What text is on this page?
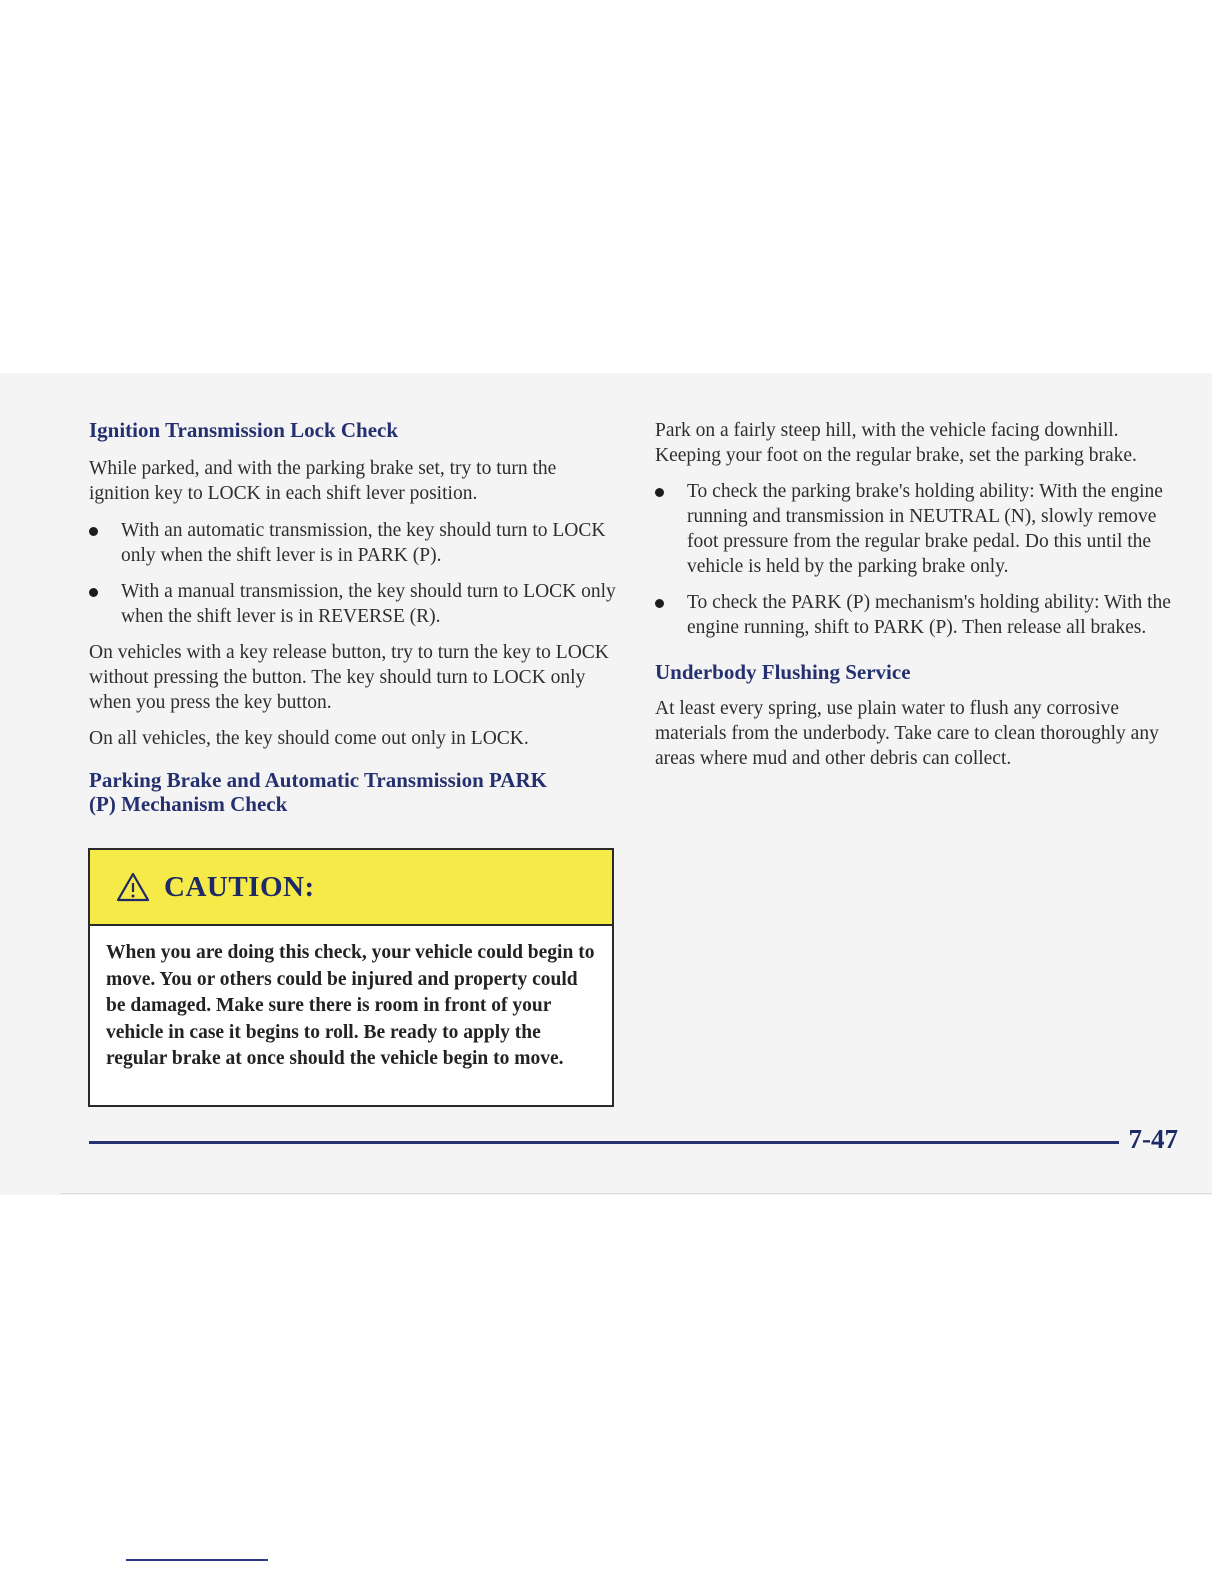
Ignition Transmission Lock Check

While parked, and with the parking brake set, try to turn the ignition key to LOCK in each shift lever position.

With an automatic transmission, the key should turn to LOCK only when the shift lever is in PARK (P).

With a manual transmission, the key should turn to LOCK only when the shift lever is in REVERSE (R).

On vehicles with a key release button, try to turn the key to LOCK without pressing the button. The key should turn to LOCK only when you press the key button.

On all vehicles, the key should come out only in LOCK.

Parking Brake and Automatic Transmission PARK (P) Mechanism Check
CAUTION:
When you are doing this check, your vehicle could begin to move. You or others could be injured and property could be damaged. Make sure there is room in front of your vehicle in case it begins to roll. Be ready to apply the regular brake at once should the vehicle begin to move.

Park on a fairly steep hill, with the vehicle facing downhill. Keeping your foot on the regular brake, set the parking brake.

To check the parking brake's holding ability: With the engine running and transmission in NEUTRAL (N), slowly remove foot pressure from the regular brake pedal. Do this until the vehicle is held by the parking brake only.

To check the PARK (P) mechanism's holding ability: With the engine running, shift to PARK (P). Then release all brakes.

Underbody Flushing Service

At least every spring, use plain water to flush any corrosive materials from the underbody. Take care to clean thoroughly any areas where mud and other debris can collect.

7-47
